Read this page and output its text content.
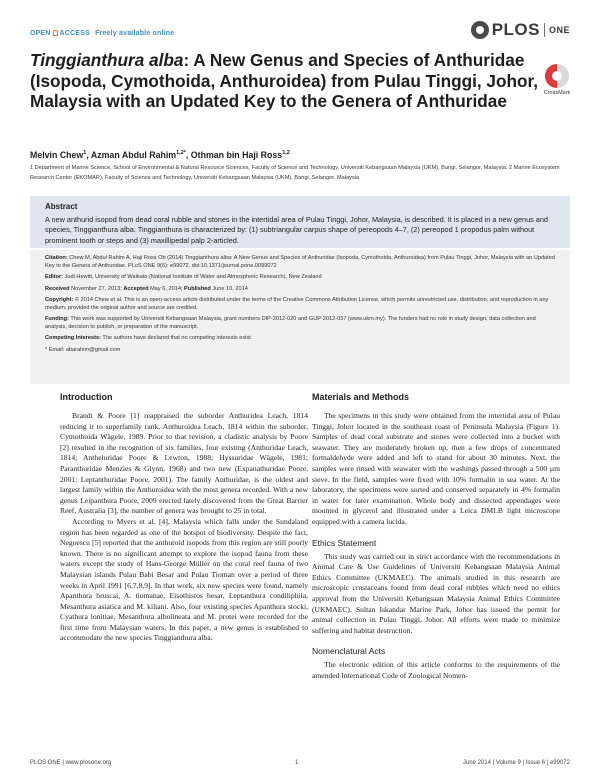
OPEN ACCESS Freely available online	PLOS ONE
Tinggianthura alba: A New Genus and Species of Anthuridae (Isopoda, Cymothoida, Anthuroidea) from Pulau Tinggi, Johor, Malaysia with an Updated Key to the Genera of Anthuridae	CrossMark
Melvin Chew$^1$, Azman Abdul Rahim$^{1,2*}$, Othman bin Haji Ross$^{1,2}$
1 Department of Marine Science, School of Environmental & Natural Resource Sciences, Faculty of Science and Technology, Universiti Kebangsaan Malaysia (UKM), Bangi, Selangor, Malaysia, 2 Marine Ecosystem Research Center (EKOMAR), Faculty of Science and Technology, Universiti Kebangsaan Malaysia (UKM), Bangi, Selangor, Malaysia
Abstract
A new anthurid isopod from dead coral rubble and stones in the intertidal area of Pulau Tinggi, Johor, Malaysia, is described. It is placed in a new genus and species, Tinggianthura alba. Tinggianthura is characterized by: (1) subtriangular carpus shape of pereopods 4–7, (2) pereopod 1 propodus palm without prominent tooth or steps and (3) maxillipedal palp 2-articled.

Citation: Chew M, Abdul Rahim A, Haji Ross Ob (2014) Tinggianthura alba: A New Genus and Species of Anthuridae (Isopoda, Cymothoida, Anthuroidea) from Pulau Tinggi, Johor, Malaysia with an Updated Key to the Genera of Anthuridae. PLoS ONE 9(6): e99072. doi:10.1371/journal.pone.0099072

Editor: Judi Hewitt, University of Waikato (National Institute of Water and Atmospheric Research), New Zealand

Received November 27, 2013; Accepted May 6, 2014; Published June 10, 2014

Copyright: © 2014 Chew et al. This is an open-access article distributed under the terms of the Creative Commons Attribution License, which permits unrestricted use, distribution, and reproduction in any medium, provided the original author and source are credited.

Funding: This work was supported by Universiti Kebangsaan Malaysia, grant numbers DIP-2012-020 and GUP-2012-057 (www.ukm.my). The funders had no role in study design, data collection and analysis, decision to publish, or preparation of the manuscript.

Competing Interests: The authors have declared that no competing interests exist.

* Email: abarahim@gmail.com

Introduction

Brandt & Poore [1] reappraised the suborder Anthuridea Leach, 1814 reducing it to superfamily rank, Anthuroidea Leach, 1814 within the suborder, Cymothoida Wägele, 1989. Prior to that revision, a cladistic analysis by Poore [2] resulted in the recognition of six families, four existing (Anthuridae Leach, 1814; Antheluridae Poore & Lewton, 1988; Hyssuridae Wägele, 1981; Paranthuridae Menzies & Glynn, 1968) and two new (Expanathuridae Poore, 2001; Leptanthuridae Poore, 2001). The family Anthuridae, is the oldest and largest family within the Anthuroidea with the most genera recorded. With a new genus Leipanthura Poore, 2009 erected lately discovered from the Great Barrier Reef, Australia [3], the number of genera was brought to 25 in total.

According to Myers et al. [4], Malaysia which falls under the Sundaland region has been regarded as one of the hotspot of biodiversity. Despite the fact, Negoescu [5] reported that the anthuroid isopods from this region are still poorly known. There is no significant attempt to explore the isopod fauna from these waters except the study of Hans-George Müller on the coral reef fauna of two Malaysian islands Pulau Babi Besar and Pulau Tioman over a period of three weeks in April 1991 [6,7,8,9]. In that work, six new species were found, namely Apanthura bruscai, A. tiomanae, Eisothistos besar, Leptanthura condiliphila, Mesanthura asiatica and M. kiliani. Also, four existing species Apanthura stocki, Cyathura lonitiae, Mesanthura albolineata and M. protei were recorded for the first time from Malaysian waters. In this paper, a new genus is established to accommodate the new species Tinggianthura alba.

Materials and Methods

The specimens in this study were obtained from the intertidal area of Pulau Tinggi, Johor located in the southeast coast of Peninsula Malaysia (Figure 1). Samples of dead coral substrate and stones were collected into a bucket with seawater. They are moderately broken up, then a few drops of concentrated formaldehyde were added and left to stand for about 30 minutes. Next, the samples were rinsed with seawater with the washings passed through a 500 µm sieve. In the field, samples were fixed with 10% formalin in sea water. At the laboratory, the specimens were sorted and conserved separately in 4% formalin in water for later examination. Whole body and dissected appendages were mounted in glycerol and illustrated under a Leica DMLB light microscope equipped with a camera lucida.

Ethics Statement

This study was carried out in strict accordance with the recommendations in Animal Care & Use Guidelines of Universiti Kebangsaan Malaysia Animal Ethics Committee (UKMAEC). The animals studied in this research are microscopic crustaceans found from dead coral rubbles which need no ethics approval from the Universiti Kebangsaan Malaysia Animal Ethics Committee (UKMAEC). Sultan Iskandar Marine Park, Johor has issued the permit for animal collection in Pulau Tinggi, Johor. All efforts were made to minimize suffering and habitat destruction.

Nomenclatural Acts

The electronic edition of this article conforms to the requirements of the amended International Code of Zoological Nomen-

PLOS ONE | www.plosone.org	1	June 2014 | Volume 9 | Issue 6 | e99072
